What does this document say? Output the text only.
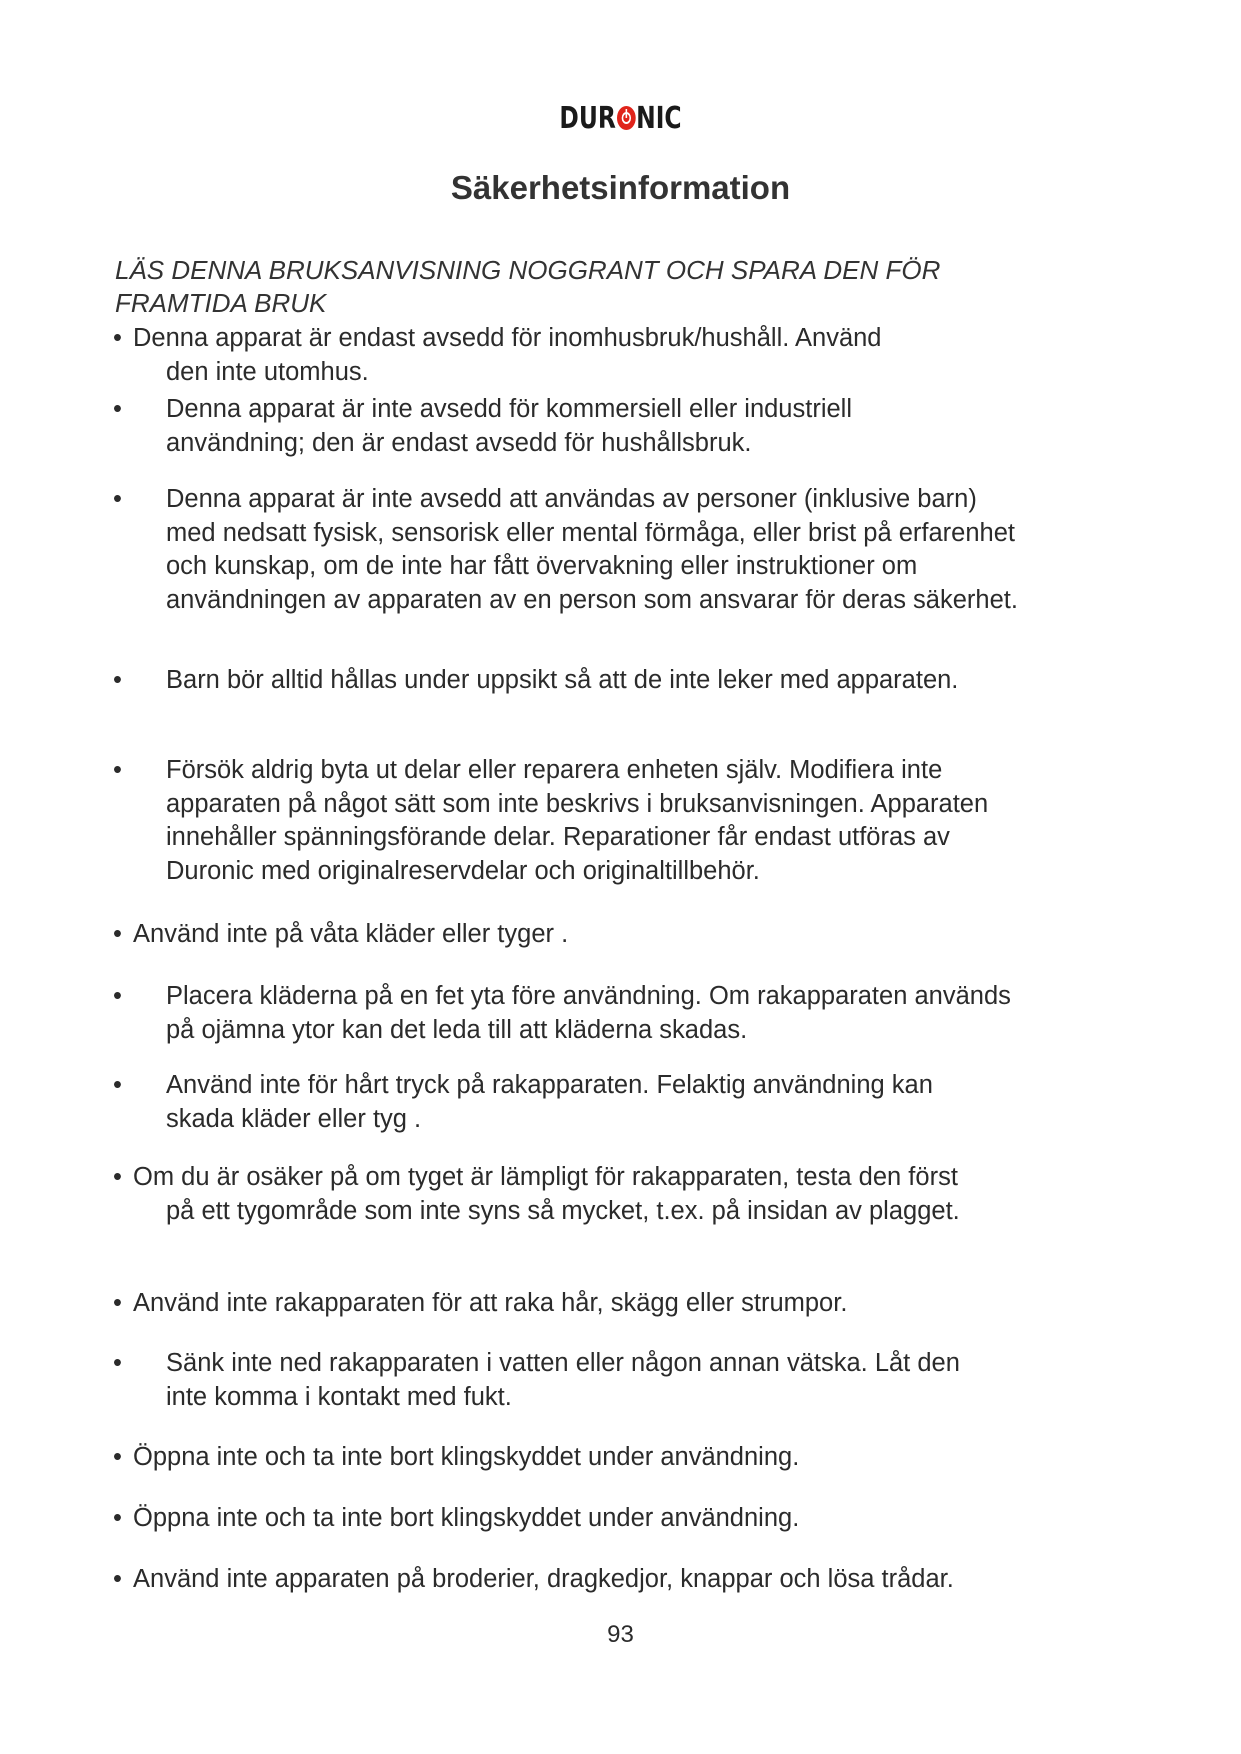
DUR NIC
Säkerhetsinformation
LÄS DENNA BRUKSANVISNING NOGGRANT OCH SPARA DEN FÖR
FRAMTIDA BRUK
• Denna apparat är endast avsedd för inomhusbruk/hushåll. Använd
den inte utomhus.
•	Denna apparat är inte avsedd för kommersiell eller industriell
användning; den är endast avsedd för hushållsbruk.
•	Denna apparat är inte avsedd att användas av personer (inklusive barn)
med nedsatt fysisk, sensorisk eller mental förmåga, eller brist på erfarenhet
och kunskap, om de inte har fått övervakning eller instruktioner om
användningen av apparaten av en person som ansvarar för deras säkerhet.
•	Barn bör alltid hållas under uppsikt så att de inte leker med apparaten.
•	Försök aldrig byta ut delar eller reparera enheten själv. Modifiera inte
apparaten på något sätt som inte beskrivs i bruksanvisningen. Apparaten
innehåller spänningsförande delar. Reparationer får endast utföras av
Duronic med originalreservdelar och originaltillbehör.
• Använd inte på våta kläder eller tyger .
•	Placera kläderna på en fet yta före användning. Om rakapparaten används
på ojämna ytor kan det leda till att kläderna skadas.
•	Använd inte för hårt tryck på rakapparaten. Felaktig användning kan
skada kläder eller tyg .
• Om du är osäker på om tyget är lämpligt för rakapparaten, testa den först
på ett tygområde som inte syns så mycket, t.ex. på insidan av plagget.
• Använd inte rakapparaten för att raka hår, skägg eller strumpor.
•	Sänk inte ned rakapparaten i vatten eller någon annan vätska. Låt den
inte komma i kontakt med fukt.
• Öppna inte och ta inte bort klingskyddet under användning.
• Öppna inte och ta inte bort klingskyddet under användning.
• Använd inte apparaten på broderier, dragkedjor, knappar och lösa trådar.
93
